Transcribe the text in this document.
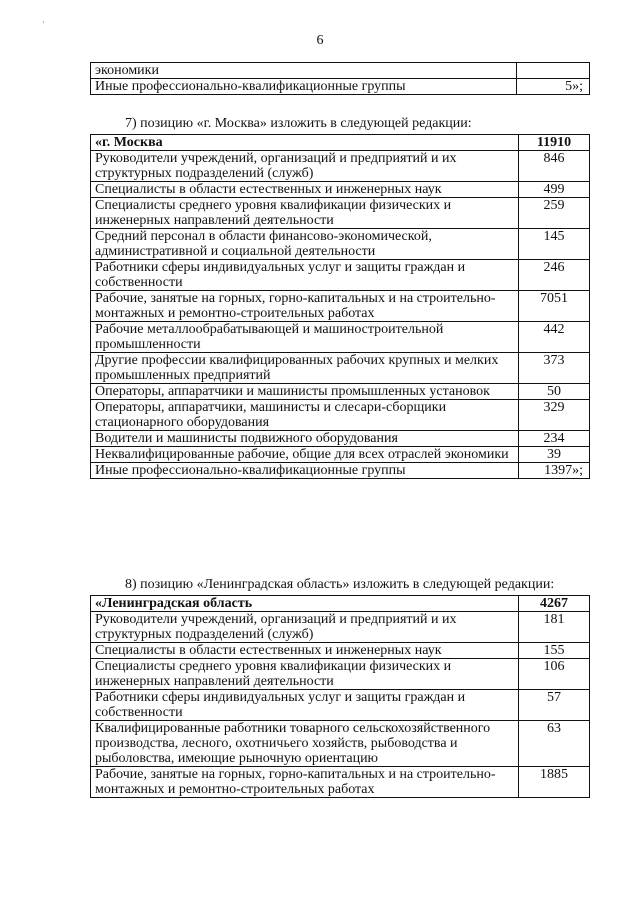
6
·
экономики	
Иные профессионально-квалификационные группы	5»;
7) позицию «г. Москва» изложить в следующей редакции:
«г. Москва	11910
Руководители учреждений, организаций и предприятий и их структурных подразделений (служб)	846
Специалисты в области естественных и инженерных наук	499
Специалисты среднего уровня квалификации физических и инженерных направлений деятельности	259
Средний персонал в области финансово-экономической, административной и социальной деятельности	145
Работники сферы индивидуальных услуг и защиты граждан и собственности	246
Рабочие, занятые на горных, горно-капитальных и на строительно-монтажных и ремонтно-строительных работах	7051
Рабочие металлообрабатывающей и машиностроительной промышленности	442
Другие профессии квалифицированных рабочих крупных и мелких промышленных предприятий	373
Операторы, аппаратчики и машинисты промышленных установок	50
Операторы, аппаратчики, машинисты и слесари-сборщики стационарного оборудования	329
Водители и машинисты подвижного оборудования	234
Неквалифицированные рабочие, общие для всех отраслей экономики	39
Иные профессионально-квалификационные группы	1397»;
8) позицию «Ленинградская область» изложить в следующей редакции:
«Ленинградская область	4267
Руководители учреждений, организаций и предприятий и их структурных подразделений (служб)	181
Специалисты в области естественных и инженерных наук	155
Специалисты среднего уровня квалификации физических и инженерных направлений деятельности	106
Работники сферы индивидуальных услуг и защиты граждан и собственности	57
Квалифицированные работники товарного сельскохозяйственного производства, лесного, охотничьего хозяйств, рыбоводства и рыболовства, имеющие рыночную ориентацию	63
Рабочие, занятые на горных, горно-капитальных и на строительно-монтажных и ремонтно-строительных работах	1885
